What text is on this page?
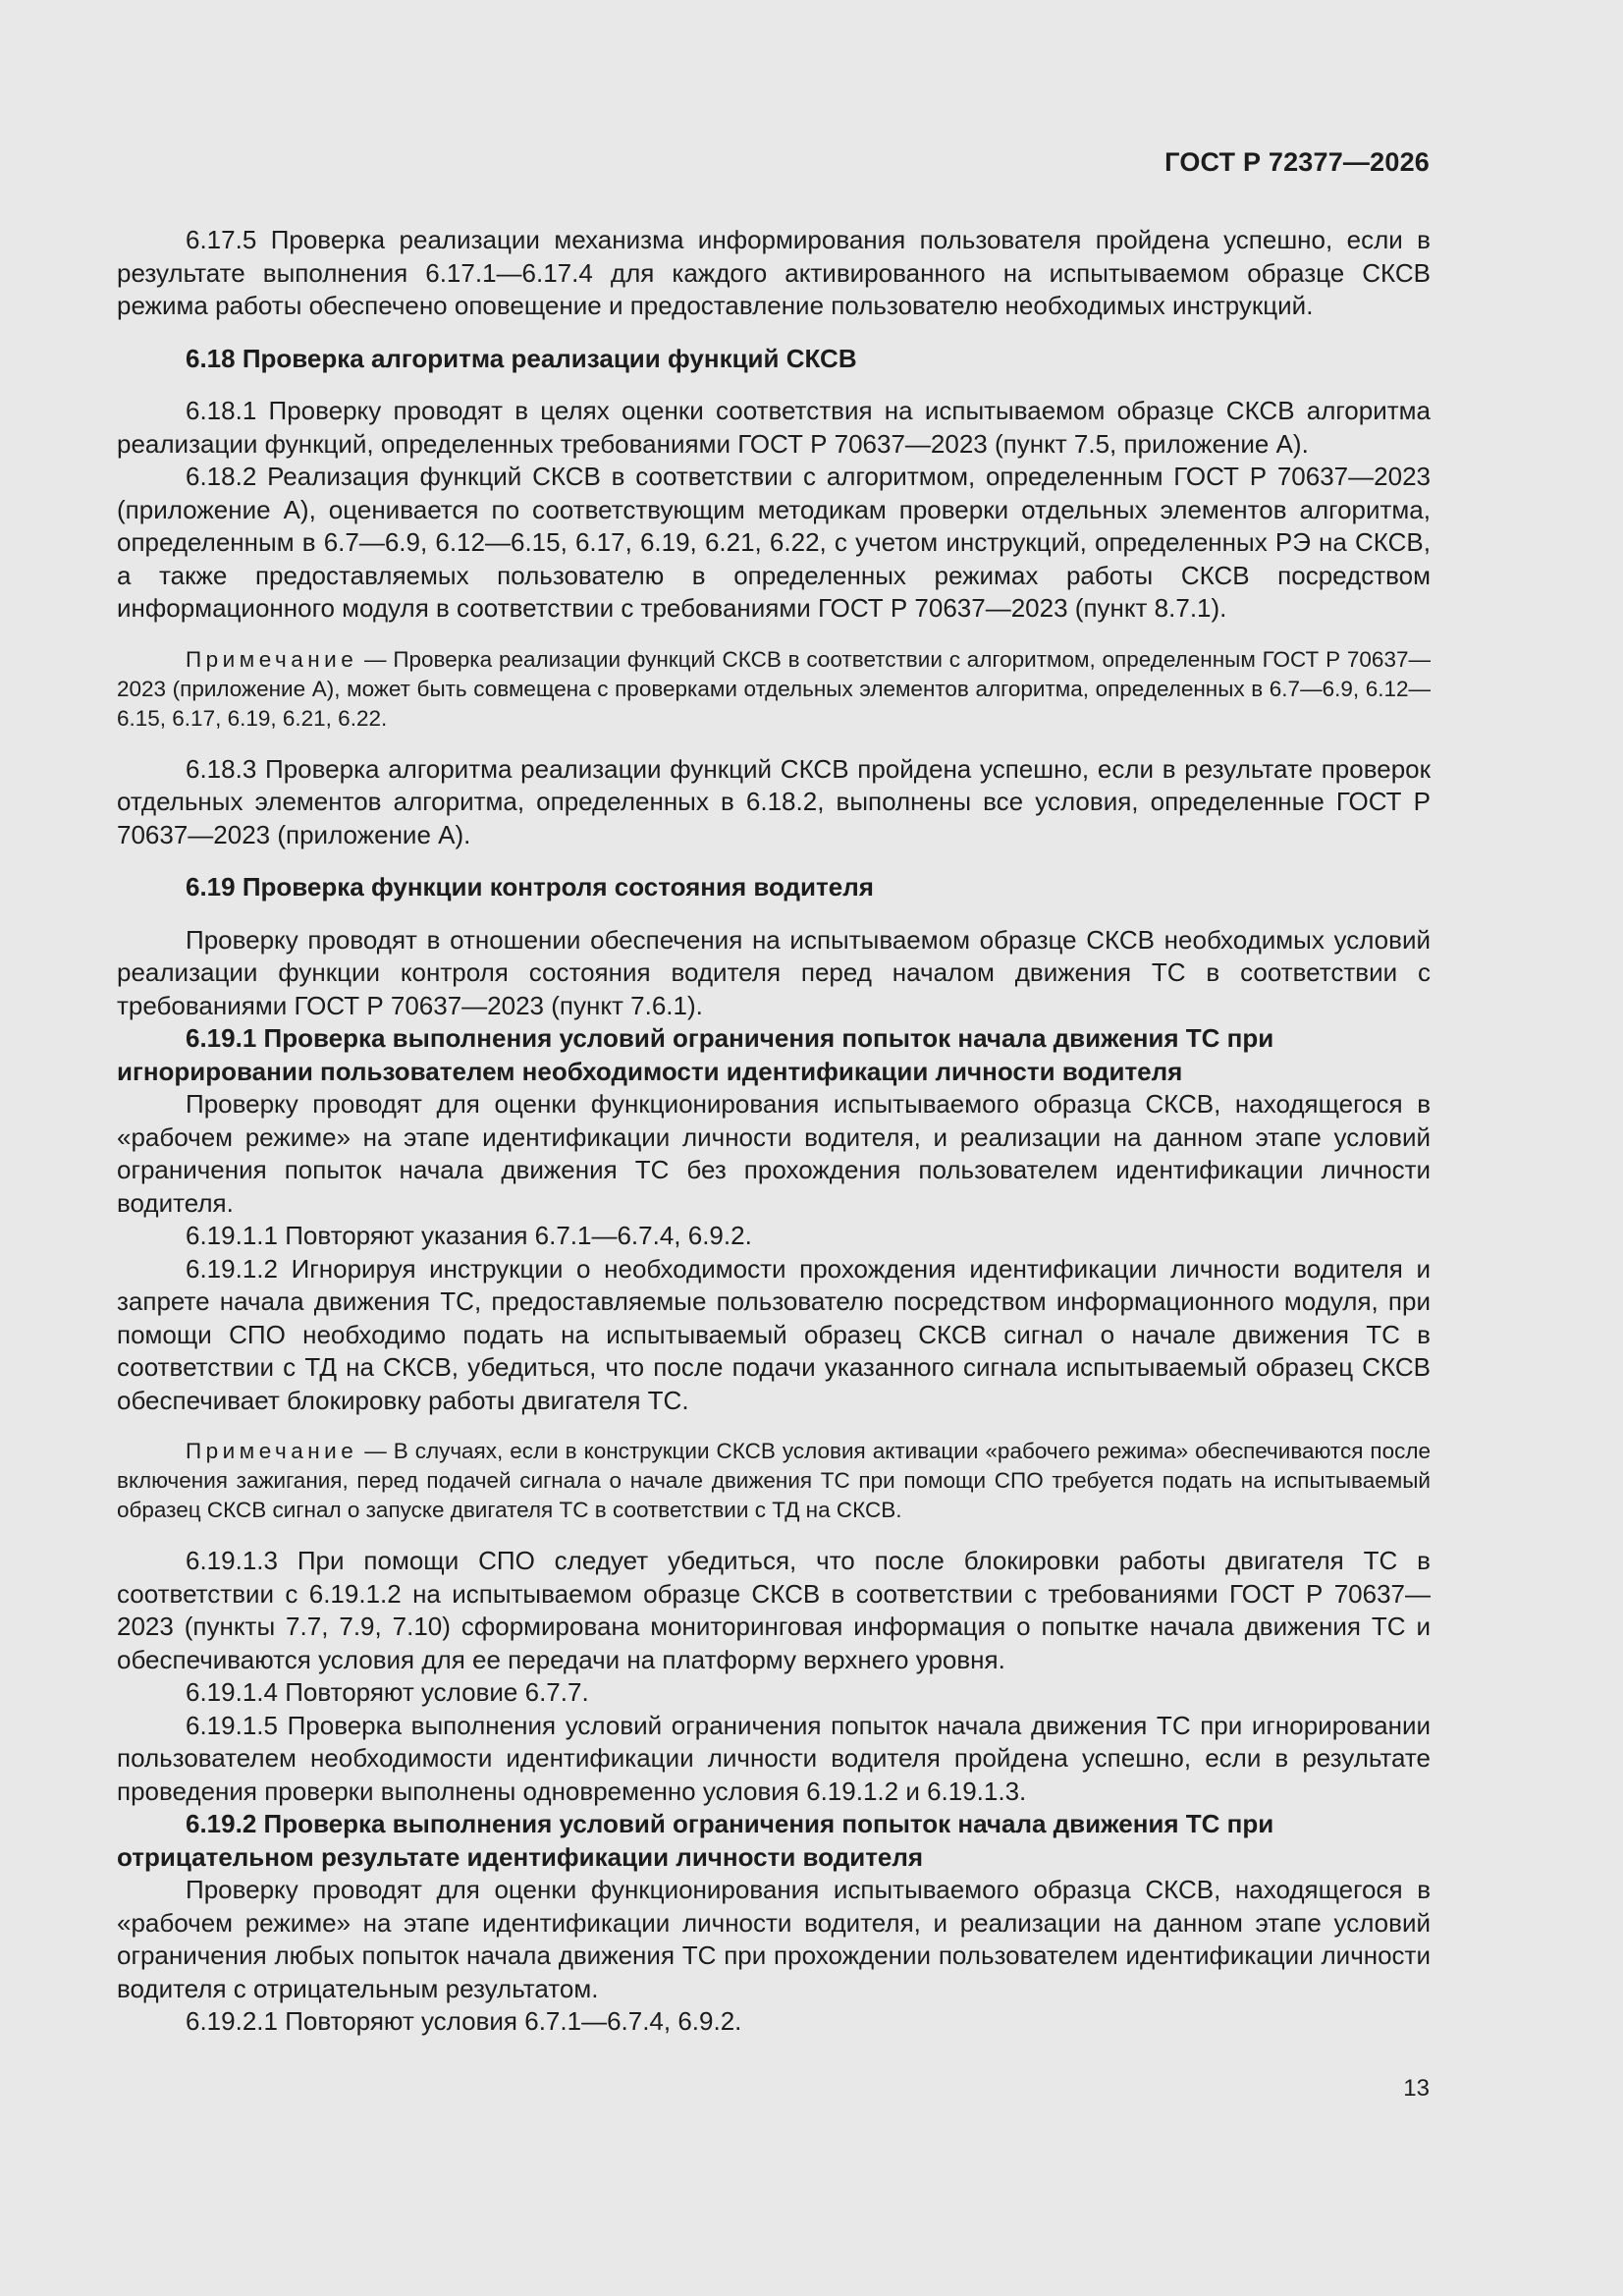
ГОСТ Р 72377—2026

6.17.5 Проверка реализации механизма информирования пользователя пройдена успешно, если в результате выполнения 6.17.1—6.17.4 для каждого активированного на испытываемом образце СКСВ режима работы обеспечено оповещение и предоставление пользователю необходимых инструкций.

6.18 Проверка алгоритма реализации функций СКСВ

6.18.1 Проверку проводят в целях оценки соответствия на испытываемом образце СКСВ алгоритма реализации функций, определенных требованиями ГОСТ Р 70637—2023 (пункт 7.5, приложение А).

6.18.2 Реализация функций СКСВ в соответствии с алгоритмом, определенным ГОСТ Р 70637—2023 (приложение А), оценивается по соответствующим методикам проверки отдельных элементов алгоритма, определенным в 6.7—6.9, 6.12—6.15, 6.17, 6.19, 6.21, 6.22, с учетом инструкций, определенных РЭ на СКСВ, а также предоставляемых пользователю в определенных режимах работы СКСВ посредством информационного модуля в соответствии с требованиями ГОСТ Р 70637—2023 (пункт 8.7.1).

Примечание — Проверка реализации функций СКСВ в соответствии с алгоритмом, определенным ГОСТ Р 70637—2023 (приложение А), может быть совмещена с проверками отдельных элементов алгоритма, определенных в 6.7—6.9, 6.12—6.15, 6.17, 6.19, 6.21, 6.22.

6.18.3 Проверка алгоритма реализации функций СКСВ пройдена успешно, если в результате проверок отдельных элементов алгоритма, определенных в 6.18.2, выполнены все условия, определенные ГОСТ Р 70637—2023 (приложение А).

6.19 Проверка функции контроля состояния водителя

Проверку проводят в отношении обеспечения на испытываемом образце СКСВ необходимых условий реализации функции контроля состояния водителя перед началом движения ТС в соответствии с требованиями ГОСТ Р 70637—2023 (пункт 7.6.1).

6.19.1 Проверка выполнения условий ограничения попыток начала движения ТС при игнорировании пользователем необходимости идентификации личности водителя

Проверку проводят для оценки функционирования испытываемого образца СКСВ, находящегося в «рабочем режиме» на этапе идентификации личности водителя, и реализации на данном этапе условий ограничения попыток начала движения ТС без прохождения пользователем идентификации личности водителя.

6.19.1.1 Повторяют указания 6.7.1—6.7.4, 6.9.2.

6.19.1.2 Игнорируя инструкции о необходимости прохождения идентификации личности водителя и запрете начала движения ТС, предоставляемые пользователю посредством информационного модуля, при помощи СПО необходимо подать на испытываемый образец СКСВ сигнал о начале движения ТС в соответствии с ТД на СКСВ, убедиться, что после подачи указанного сигнала испытываемый образец СКСВ обеспечивает блокировку работы двигателя ТС.

Примечание — В случаях, если в конструкции СКСВ условия активации «рабочего режима» обеспечиваются после включения зажигания, перед подачей сигнала о начале движения ТС при помощи СПО требуется подать на испытываемый образец СКСВ сигнал о запуске двигателя ТС в соответствии с ТД на СКСВ.

6.19.1.3 При помощи СПО следует убедиться, что после блокировки работы двигателя ТС в соответствии с 6.19.1.2 на испытываемом образце СКСВ в соответствии с требованиями ГОСТ Р 70637—2023 (пункты 7.7, 7.9, 7.10) сформирована мониторинговая информация о попытке начала движения ТС и обеспечиваются условия для ее передачи на платформу верхнего уровня.

6.19.1.4 Повторяют условие 6.7.7.

6.19.1.5 Проверка выполнения условий ограничения попыток начала движения ТС при игнорировании пользователем необходимости идентификации личности водителя пройдена успешно, если в результате проведения проверки выполнены одновременно условия 6.19.1.2 и 6.19.1.3.

6.19.2 Проверка выполнения условий ограничения попыток начала движения ТС при отрицательном результате идентификации личности водителя

Проверку проводят для оценки функционирования испытываемого образца СКСВ, находящегося в «рабочем режиме» на этапе идентификации личности водителя, и реализации на данном этапе условий ограничения любых попыток начала движения ТС при прохождении пользователем идентификации личности водителя с отрицательным результатом.

6.19.2.1 Повторяют условия 6.7.1—6.7.4, 6.9.2.

13
